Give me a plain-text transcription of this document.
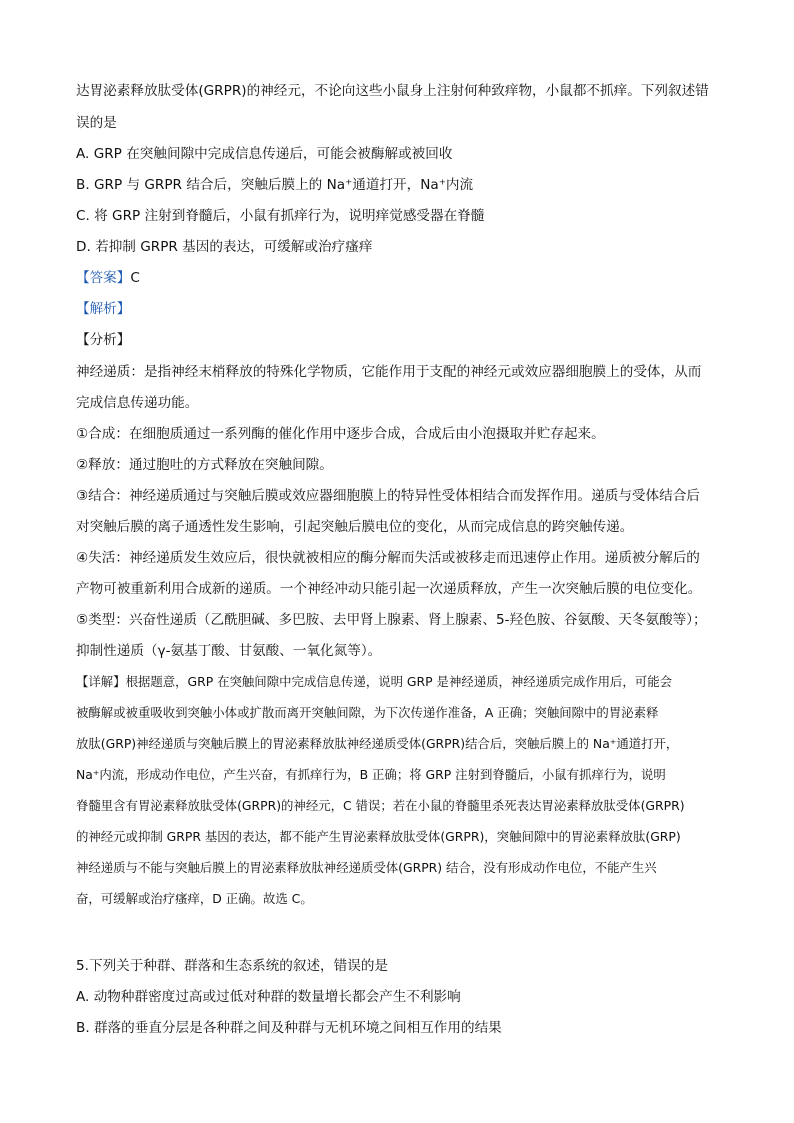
达胃泌素释放肽受体(GRPR)的神经元，不论向这些小鼠身上注射何种致痒物，小鼠都不抓痒。下列叙述错
误的是
A. GRP 在突触间隙中完成信息传递后，可能会被酶解或被回收
B. GRP 与 GRPR 结合后，突触后膜上的 Na⁺通道打开，Na⁺内流
C. 将 GRP 注射到脊髓后，小鼠有抓痒行为，说明痒觉感受器在脊髓
D. 若抑制 GRPR 基因的表达，可缓解或治疗瘙痒
【答案】C
【解析】
【分析】
神经递质：是指神经末梢释放的特殊化学物质，它能作用于支配的神经元或效应器细胞膜上的受体，从而
完成信息传递功能。
①合成：在细胞质通过一系列酶的催化作用中逐步合成，合成后由小泡摄取并贮存起来。
②释放：通过胞吐的方式释放在突触间隙。
③结合：神经递质通过与突触后膜或效应器细胞膜上的特异性受体相结合而发挥作用。递质与受体结合后
对突触后膜的离子通透性发生影响，引起突触后膜电位的变化，从而完成信息的跨突触传递。
④失活：神经递质发生效应后，很快就被相应的酶分解而失活或被移走而迅速停止作用。递质被分解后的
产物可被重新利用合成新的递质。一个神经冲动只能引起一次递质释放，产生一次突触后膜的电位变化。
⑤类型：兴奋性递质（乙酰胆碱、多巴胺、去甲肾上腺素、肾上腺素、5-羟色胺、谷氨酸、天冬氨酸等）；
抑制性递质（γ-氨基丁酸、甘氨酸、一氧化氮等）。
【详解】根据题意，GRP 在突触间隙中完成信息传递，说明 GRP 是神经递质，神经递质完成作用后，可能会
被酶解或被重吸收到突触小体或扩散而离开突触间隙，为下次传递作准备，A 正确；突触间隙中的胃泌素释
放肽(GRP)神经递质与突触后膜上的胃泌素释放肽神经递质受体(GRPR)结合后，突触后膜上的 Na⁺通道打开，
Na⁺内流，形成动作电位，产生兴奋，有抓痒行为，B 正确；将 GRP 注射到脊髓后，小鼠有抓痒行为，说明
脊髓里含有胃泌素释放肽受体(GRPR)的神经元，C 错误；若在小鼠的脊髓里杀死表达胃泌素释放肽受体(GRPR)
的神经元或抑制 GRPR 基因的表达，都不能产生胃泌素释放肽受体(GRPR)，突触间隙中的胃泌素释放肽(GRP)
神经递质与不能与突触后膜上的胃泌素释放肽神经递质受体(GRPR) 结合，没有形成动作电位，不能产生兴
奋，可缓解或治疗瘙痒，D 正确。故选 C。
5.下列关于种群、群落和生态系统的叙述，错误的是
A. 动物种群密度过高或过低对种群的数量增长都会产生不利影响
B. 群落的垂直分层是各种群之间及种群与无机环境之间相互作用的结果
